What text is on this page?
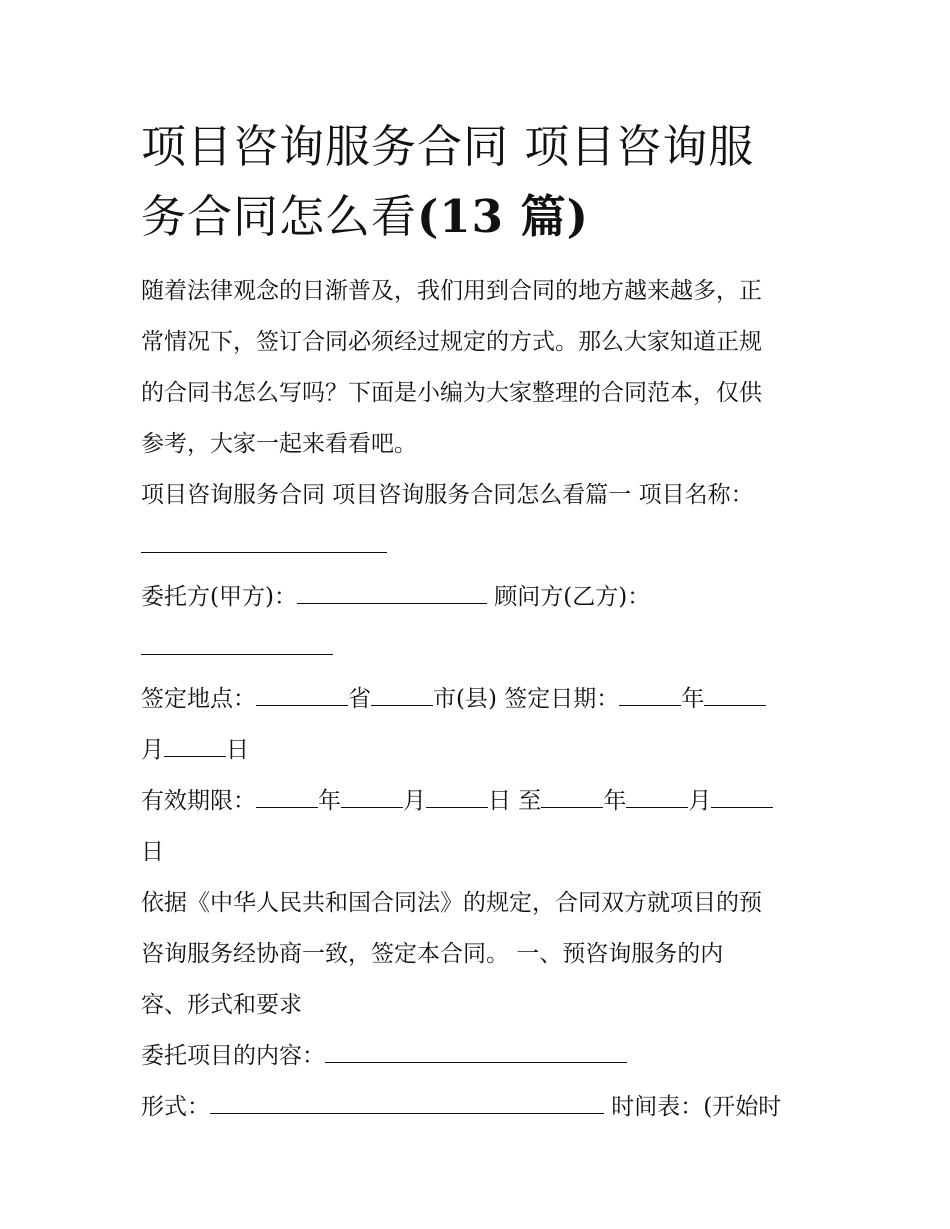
项目咨询服务合同 项目咨询服
务合同怎么看(13 篇)
随着法律观念的日渐普及，我们用到合同的地方越来越多，正
常情况下，签订合同必须经过规定的方式。那么大家知道正规
的合同书怎么写吗？下面是小编为大家整理的合同范本，仅供
参考，大家一起来看看吧。
项目咨询服务合同 项目咨询服务合同怎么看篇一 项目名称：
委托方(甲方)：	顾问方(乙方)：
签定地点：	省	市(县) 签定日期：	年
月	日
有效期限：	年	月	日 至	年	月
日
依据《中华人民共和国合同法》的规定，合同双方就项目的预
咨询服务经协商一致，签定本合同。 一、预咨询服务的内
容、形式和要求
委托项目的内容：
形式：	时间表：(开始时
